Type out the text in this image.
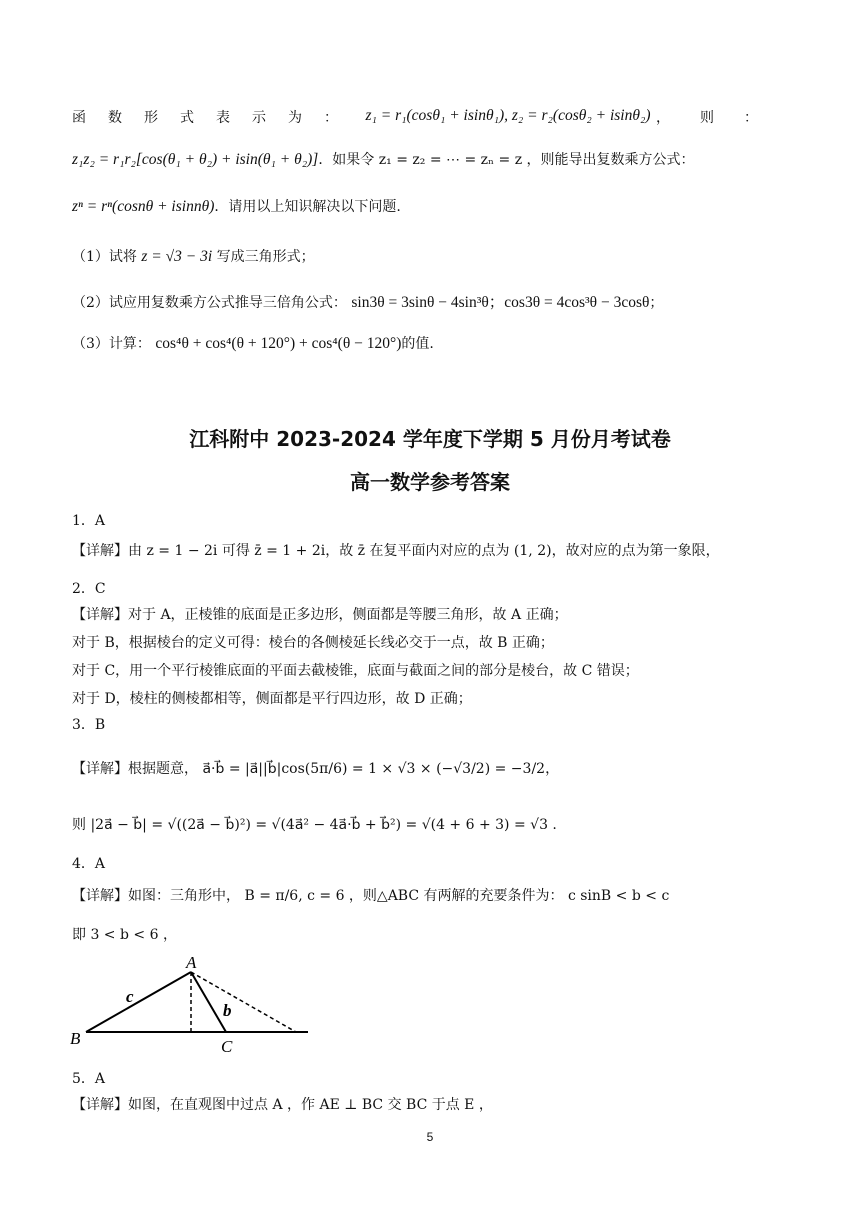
函数形式表示为： z₁ = r₁(cosθ₁ + isinθ₁), z₂ = r₂(cosθ₂ + isinθ₂) ，则：
z₁z₂ = r₁r₂[cos(θ₁ + θ₂) + isin(θ₁ + θ₂)]．如果令 z₁ = z₂ = ⋯ = zₙ = z ，则能导出复数乘方公式：
zⁿ = rⁿ(cosnθ + isinnθ)．请用以上知识解决以下问题.
（1）试将 z = √3 − 3i 写成三角形式；
（2）试应用复数乘方公式推导三倍角公式： sin3θ = 3sinθ − 4sin³θ；cos3θ = 4cos³θ − 3cosθ；
（3）计算： cos⁴θ + cos⁴(θ + 120°) + cos⁴(θ − 120°)的值.
江科附中 2023-2024 学年度下学期 5 月份月考试卷
高一数学参考答案
1．A
【详解】由 z = 1 − 2i 可得 z̄ = 1 + 2i，故 z̄ 在复平面内对应的点为 (1, 2)，故对应的点为第一象限，
2．C
【详解】对于 A，正棱锥的底面是正多边形，侧面都是等腰三角形，故 A 正确；
对于 B，根据棱台的定义可得：棱台的各侧棱延长线必交于一点，故 B 正确；
对于 C，用一个平行棱锥底面的平面去截棱锥，底面与截面之间的部分是棱台，故 C 错误；
对于 D，棱柱的侧棱都相等，侧面都是平行四边形，故 D 正确；
3．B
【详解】根据题意， a⃗·b⃗ = |a⃗||b⃗|cos(5π/6) = 1 × √3 × (−√3/2) = −3/2，
则 |2a⃗ − b⃗| = √((2a⃗ − b⃗)²) = √(4a⃗² − 4a⃗·b⃗ + b⃗²) = √(4 + 6 + 3) = √3 .
4．A
【详解】如图：三角形中， B = π/6, c = 6 ，则△ABC 有两解的充要条件为： c sinB < b < c
即 3 < b < 6 ，
A
B	C
c
b
5．A
【详解】如图，在直观图中过点 A ，作 AE ⊥ BC 交 BC 于点 E ，
5
